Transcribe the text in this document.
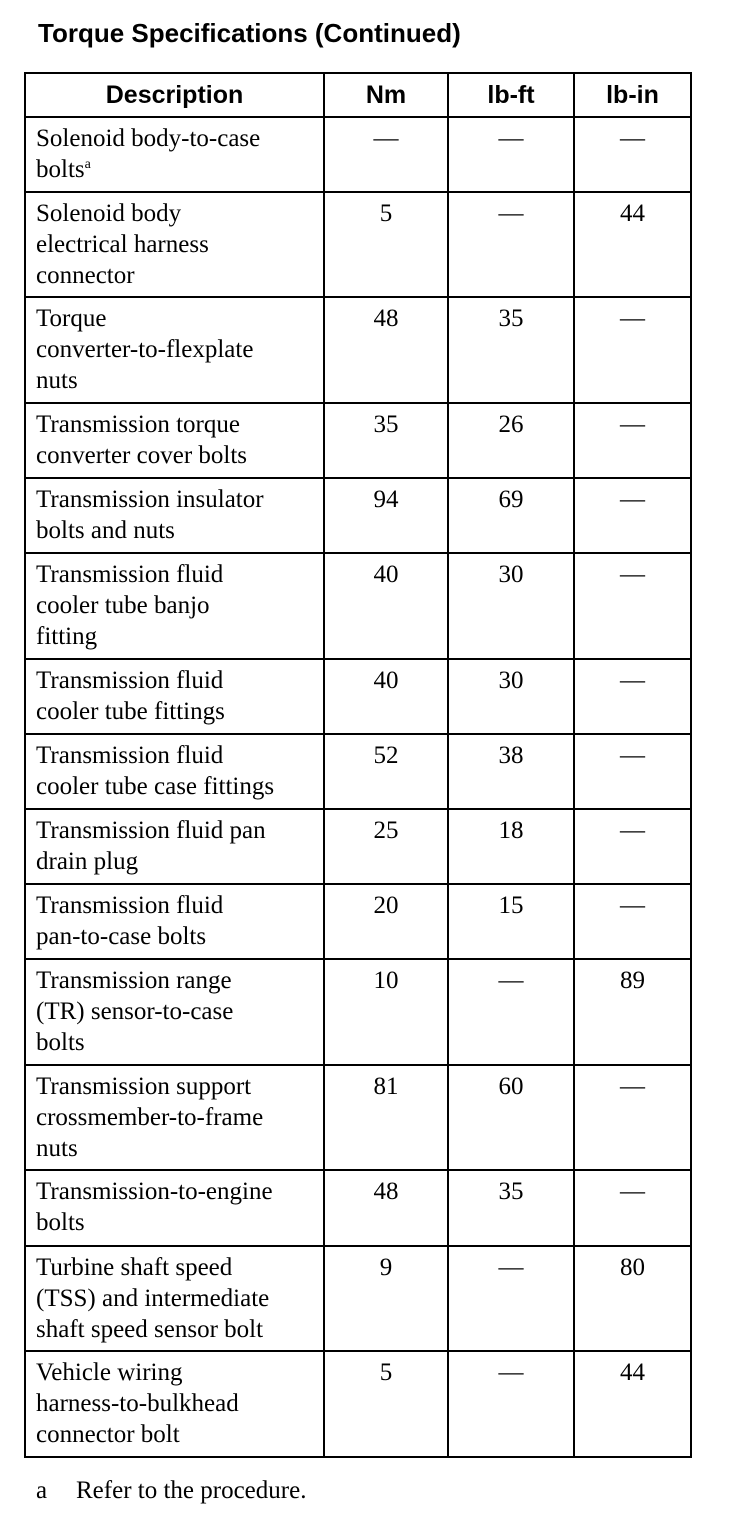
Torque Specifications (Continued)
Description	Nm	lb-ft	lb-in
Solenoid body-to-case
bolts$^a$	—	—	—
Solenoid body
electrical harness
connector	5	—	44
Torque
converter-to-flexplate
nuts	48	35	—
Transmission torque
converter cover bolts	35	26	—
Transmission insulator
bolts and nuts	94	69	—
Transmission fluid
cooler tube banjo
fitting	40	30	—
Transmission fluid
cooler tube fittings	40	30	—
Transmission fluid
cooler tube case fittings	52	38	—
Transmission fluid pan
drain plug	25	18	—
Transmission fluid
pan-to-case bolts	20	15	—
Transmission range
(TR) sensor-to-case
bolts	10	—	89
Transmission support
crossmember-to-frame
nuts	81	60	—
Transmission-to-engine
bolts	48	35	—
Turbine shaft speed
(TSS) and intermediate
shaft speed sensor bolt	9	—	80
Vehicle wiring
harness-to-bulkhead
connector bolt	5	—	44

a Refer to the procedure.
